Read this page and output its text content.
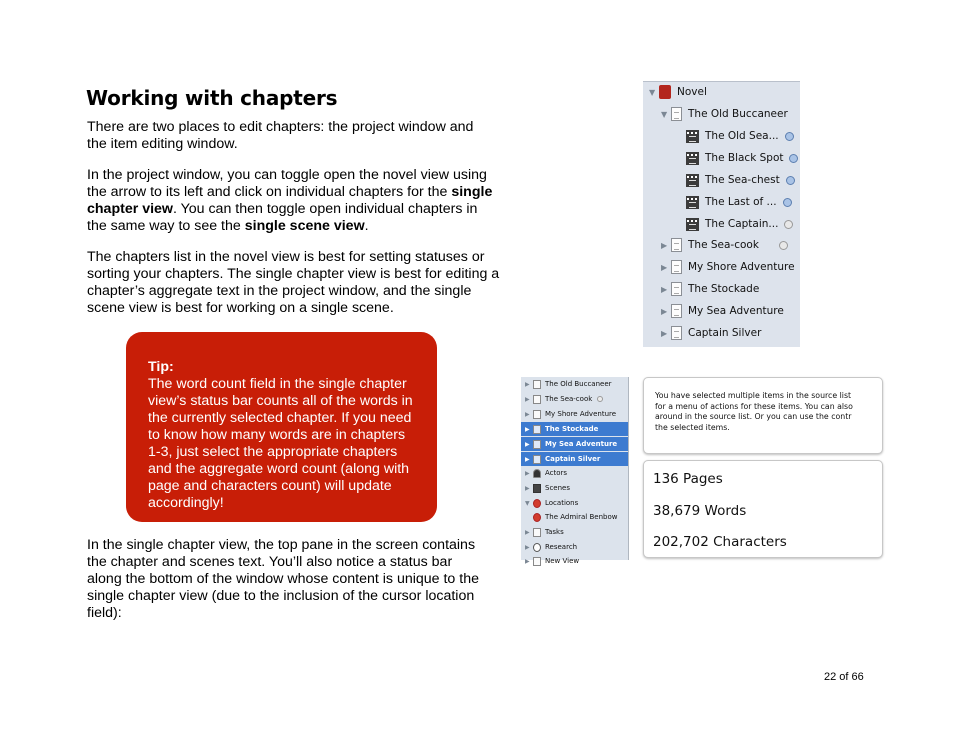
Working with chapters

There are two places to edit chapters: the project window and the item editing window.

In the project window, you can toggle open the novel view using the arrow to its left and click on individual chapters for the single chapter view. You can then toggle open individual chapters in the same way to see the single scene view.

The chapters list in the novel view is best for setting statuses or sorting your chapters. The single chapter view is best for editing a chapter’s aggregate text in the project window, and the single scene view is best for working on a single scene.

Tip:
The word count field in the single chapter view’s status bar counts all of the words in the currently selected chapter. If you need to know how many words are in chapters 1-3, just select the appropriate chapters and the aggregate word count (along with page and characters count) will update accordingly!

In the single chapter view, the top pane in the screen contains the chapter and scenes text. You’ll also notice a status bar along the bottom of the window whose content is unique to the single chapter view (due to the inclusion of the cursor location field):

22 of 66
▼	Novel
▼	The Old Buccaneer
The Old Sea...
The Black Spot
The Sea-chest
The Last of ...
The Captain...
▶	The Sea-cook
▶	My Shore Adventure
▶	The Stockade
▶	My Sea Adventure
▶	Captain Silver
▶	The Old Buccaneer
▶	The Sea-cook
▶	My Shore Adventure
▶	The Stockade
▶	My Sea Adventure
▶	Captain Silver
▶	Actors
▶	Scenes
▼	Locations
The Admiral Benbow
▶	Tasks
▶	Research
▶	New View
You have selected multiple items in the source list
for a menu of actions for these items. You can also
around in the source list. Or you can use the contr
the selected items.
136 Pages
38,679 Words
202,702 Characters
